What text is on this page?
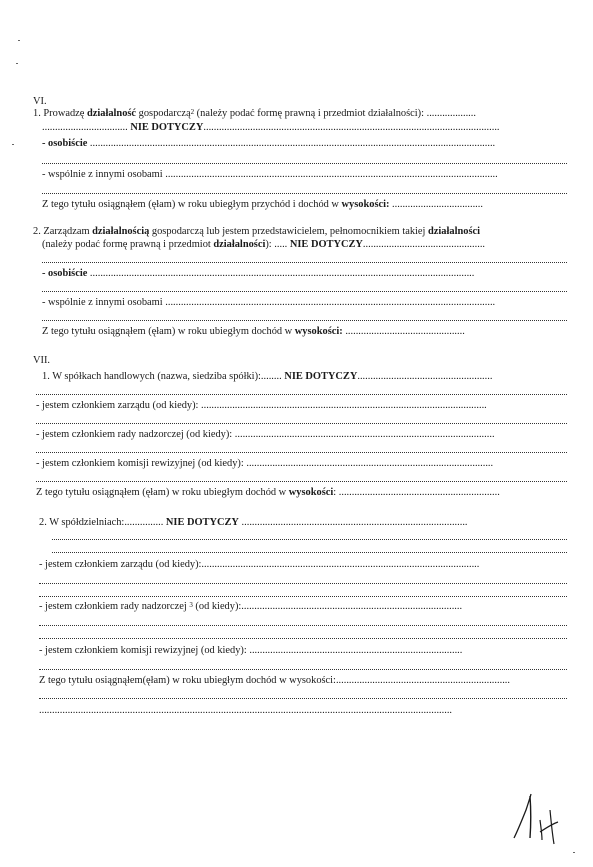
VI.
1. Prowadzę działalność gospodarczą$^2$ (należy podać formę prawną i przedmiot działalności): ...................
................................. NIE DOTYCZY..................................................................................................................
- osobiście ............................................................................................................................................................
- wspólnie z innymi osobami ................................................................................................................................
Z tego tytułu osiągnąłem (ęłam) w roku ubiegłym przychód i dochód w wysokości: ...................................
2. Zarządzam działalnością gospodarczą lub jestem przedstawicielem, pełnomocnikiem takiej działalności
(należy podać formę prawną i przedmiot działalności): ..... NIE DOTYCZY...............................................
- osobiście ....................................................................................................................................................
- wspólnie z innymi osobami ...............................................................................................................................
Z tego tytułu osiągnąłem (ęłam) w roku ubiegłym dochód w wysokości: ..............................................
VII.
1. W spółkach handlowych (nazwa, siedziba spółki):........ NIE DOTYCZY....................................................
- jestem członkiem zarządu (od kiedy): ..............................................................................................................
- jestem członkiem rady nadzorczej (od kiedy): ....................................................................................................
- jestem członkiem komisji rewizyjnej (od kiedy): ...............................................................................................
Z tego tytułu osiągnąłem (ęłam) w roku ubiegłym dochód w wysokości: ..............................................................
2. W spółdzielniach:............... NIE DOTYCZY .......................................................................................
- jestem członkiem zarządu (od kiedy):...........................................................................................................
- jestem członkiem rady nadzorczej $^3$ (od kiedy):.....................................................................................
- jestem członkiem komisji rewizyjnej (od kiedy): ..................................................................................
Z tego tytułu osiągnąłem(ęłam) w roku ubiegłym dochód w wysokości:...................................................................
...............................................................................................................................................................
